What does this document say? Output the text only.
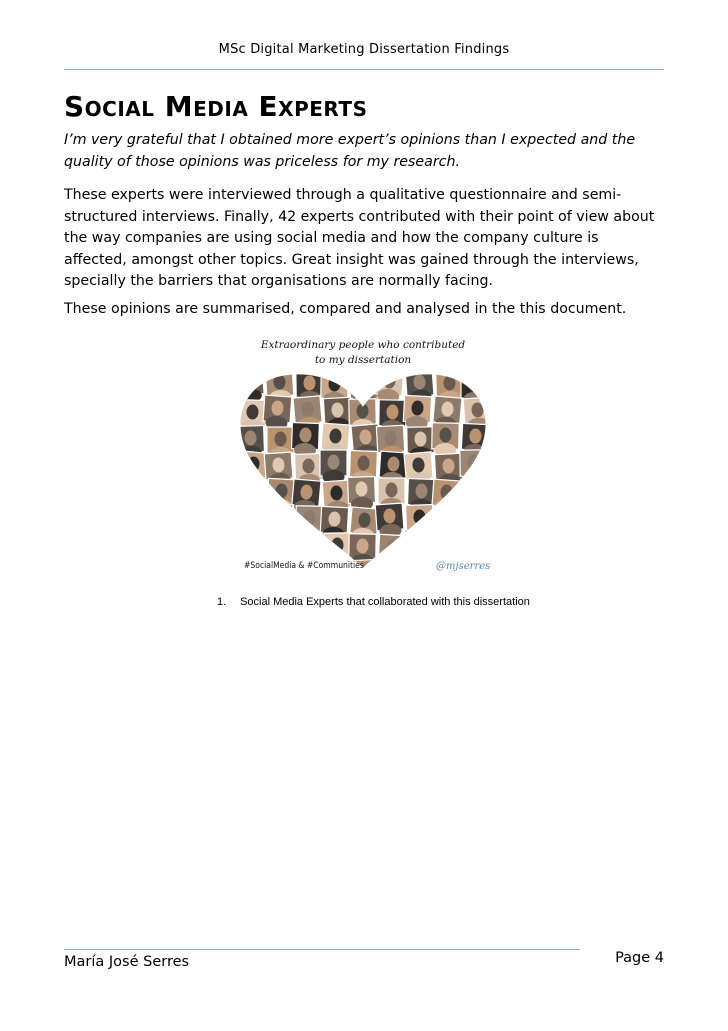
MSc Digital Marketing Dissertation Findings
Social Media Experts

I’m very grateful that I obtained more expert’s opinions than I expected and the quality of those opinions was priceless for my research.

These experts were interviewed through a qualitative questionnaire and semi-structured interviews. Finally, 42 experts contributed with their point of view about the way companies are using social media and how the company culture is affected, amongst other topics. Great insight was gained through the interviews, specially the barriers that organisations are normally facing.

These opinions are summarised, compared and analysed in the this document.

Extraordinary people who contributed
to my dissertation
#SocialMedia & #Communities	@mjserres
1. Social Media Experts that collaborated with this dissertation
María José Serres	Page 4
